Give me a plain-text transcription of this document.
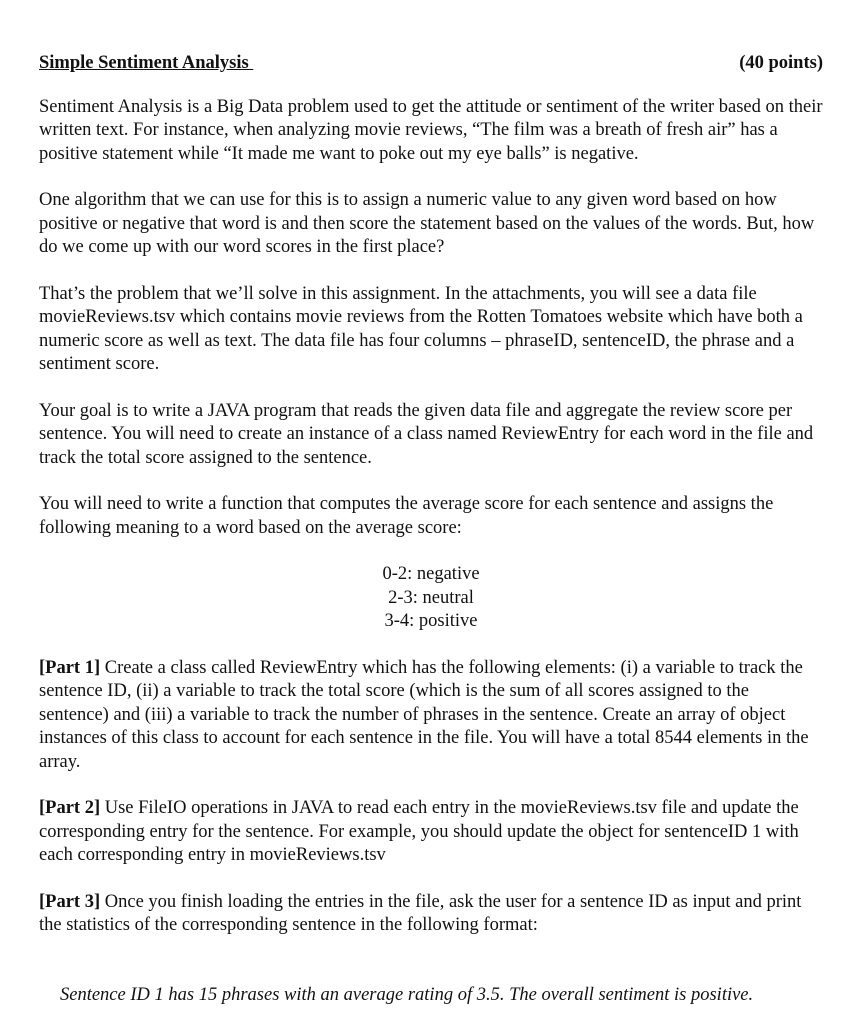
Simple Sentiment Analysis	(40 points)

Sentiment Analysis is a Big Data problem used to get the attitude or sentiment of the writer based on their written text. For instance, when analyzing movie reviews, “The film was a breath of fresh air” has a positive statement while “It made me want to poke out my eye balls” is negative.

One algorithm that we can use for this is to assign a numeric value to any given word based on how positive or negative that word is and then score the statement based on the values of the words. But, how do we come up with our word scores in the first place?

That’s the problem that we’ll solve in this assignment. In the attachments, you will see a data file movieReviews.tsv which contains movie reviews from the Rotten Tomatoes website which have both a numeric score as well as text. The data file has four columns – phraseID, sentenceID, the phrase and a sentiment score.

Your goal is to write a JAVA program that reads the given data file and aggregate the review score per sentence. You will need to create an instance of a class named ReviewEntry for each word in the file and track the total score assigned to the sentence.

You will need to write a function that computes the average score for each sentence and assigns the following meaning to a word based on the average score:

0-2: negative
2-3: neutral
3-4: positive

[Part 1] Create a class called ReviewEntry which has the following elements: (i) a variable to track the sentence ID, (ii) a variable to track the total score (which is the sum of all scores assigned to the sentence) and (iii) a variable to track the number of phrases in the sentence. Create an array of object instances of this class to account for each sentence in the file. You will have a total 8544 elements in the array.

[Part 2] Use FileIO operations in JAVA to read each entry in the movieReviews.tsv file and update the corresponding entry for the sentence. For example, you should update the object for sentenceID 1 with each corresponding entry in movieReviews.tsv

[Part 3] Once you finish loading the entries in the file, ask the user for a sentence ID as input and print the statistics of the corresponding sentence in the following format:

Sentence ID 1 has 15 phrases with an average rating of 3.5. The overall sentiment is positive.
